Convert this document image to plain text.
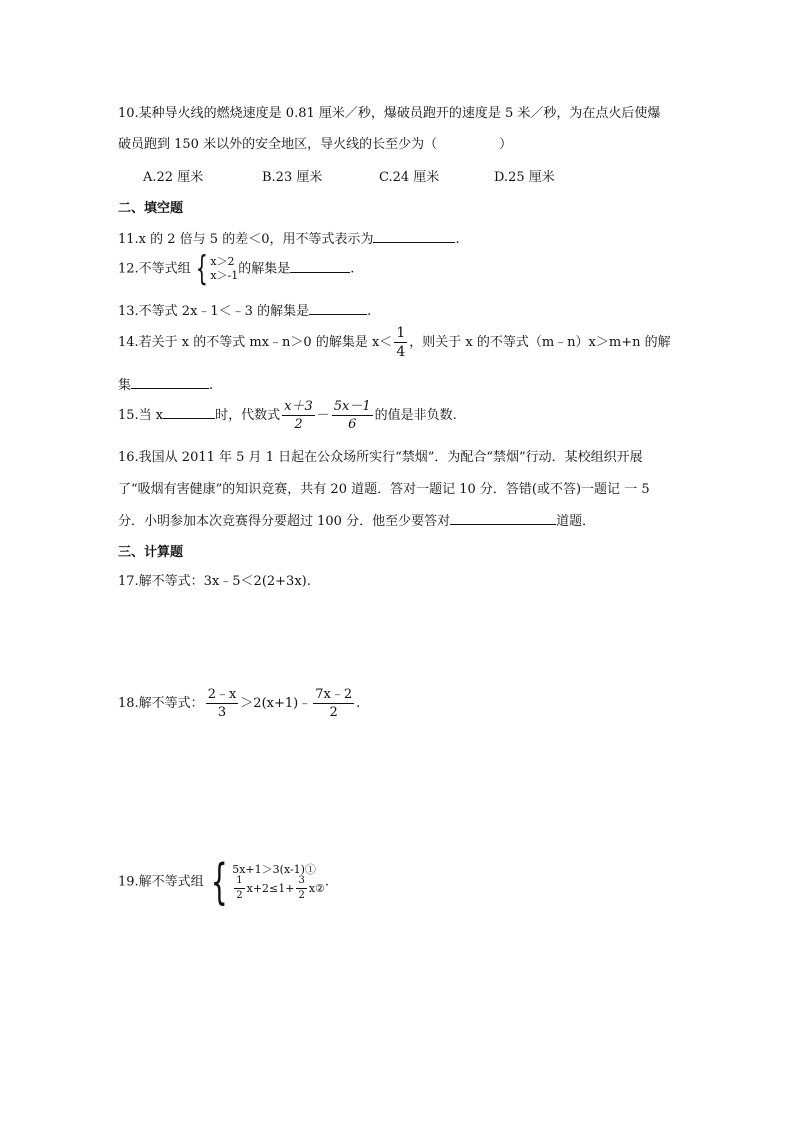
10.某种导火线的燃烧速度是 0.81 厘米／秒，爆破员跑开的速度是 5 米／秒，为在点火后使爆
破员跑到 150 米以外的安全地区，导火线的长至少为（	）
A.22 厘米	B.23 厘米	C.24 厘米	D.25 厘米
二、填空题
11.x 的 2 倍与 5 的差＜0，用不等式表示为	.
12.不等式组 { x＞2
x＞-1 的解集是	.
13.不等式 2x﹣1＜﹣3 的解集是	.
14.若关于 x 的不等式 mx﹣n＞0 的解集是 $x< \frac{1}{4}$ ，则关于 x 的不等式（m﹣n）x＞m+n 的解
集	.
15.当 x	时，代数式 $\frac{x+3}{2} - \frac{5x-1}{6}$ 的值是非负数.
16.我国从 2011 年 5 月 1 日起在公众场所实行“禁烟”．为配合“禁烟”行动．某校组织开展
了“吸烟有害健康”的知识竞赛，共有 20 道题．答对一题记 10 分．答错(或不答)一题记 一 5
分．小明参加本次竞赛得分要超过 100 分．他至少要答对	道题．
三、计算题
17.解不等式：3x﹣5＜2(2+3x).
18.解不等式： $\frac{2﹣x}{3}$ ＞2(x+1)﹣ $\frac{7x﹣2}{2}$ .
19.解不等式组 { 5x+1＞3(x-1)①
$\frac{1}{2} x+2\le 1+ \frac{3}{2}$ x② .
